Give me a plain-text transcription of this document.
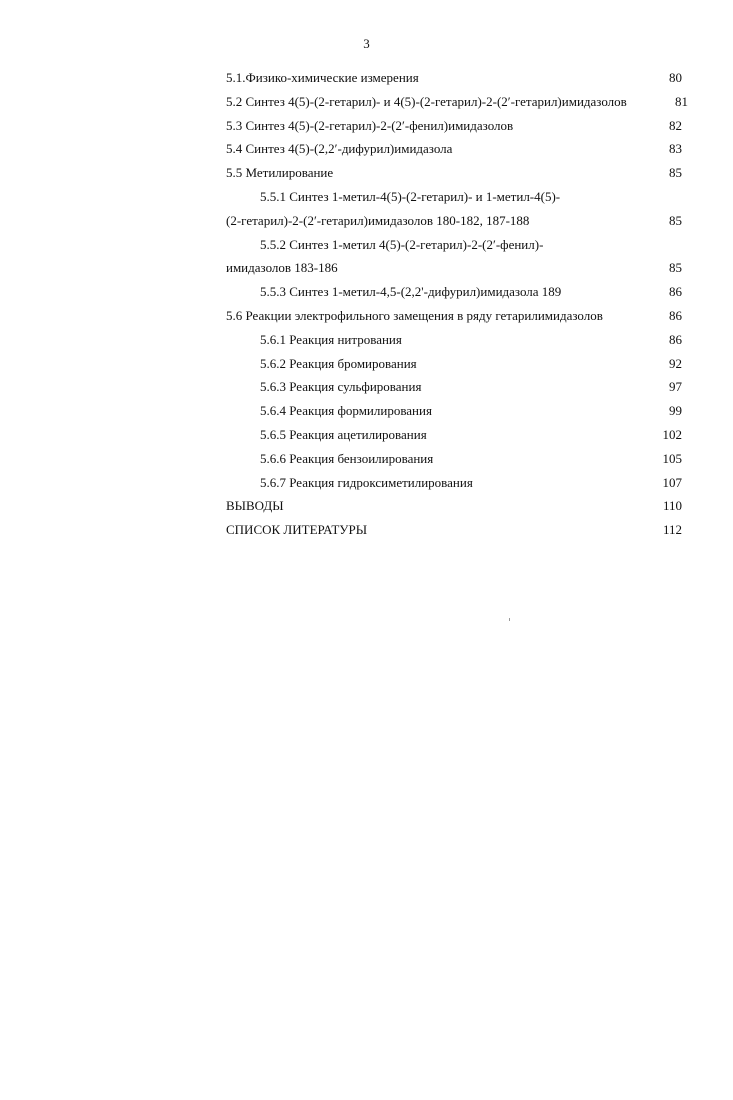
3
5.1.Физико-химические измерения	80
5.2 Синтез 4(5)-(2-гетарил)- и 4(5)-(2-гетарил)-2-(2′-гетарил)имидазолов	81
5.3 Синтез 4(5)-(2-гетарил)-2-(2′-фенил)имидазолов	82
5.4 Синтез 4(5)-(2,2′-дифурил)имидазола	83
5.5 Метилирование	85
5.5.1 Синтез 1-метил-4(5)-(2-гетарил)- и 1-метил-4(5)-
(2-гетарил)-2-(2′-гетарил)имидазолов 180-182, 187-188	85
5.5.2 Синтез 1-метил 4(5)-(2-гетарил)-2-(2′-фенил)-
имидазолов 183-186	85
5.5.3 Синтез 1-метил-4,5-(2,2'-дифурил)имидазола 189	86
5.6 Реакции электрофильного замещения в ряду гетарилимидазолов	86
5.6.1 Реакция нитрования	86
5.6.2 Реакция бромирования	92
5.6.3 Реакция сульфирования	97
5.6.4 Реакция формилирования	99
5.6.5 Реакция ацетилирования	102
5.6.6 Реакция бензоилирования	105
5.6.7 Реакция гидроксиметилирования	107
ВЫВОДЫ	110
СПИСОК ЛИТЕРАТУРЫ	112
